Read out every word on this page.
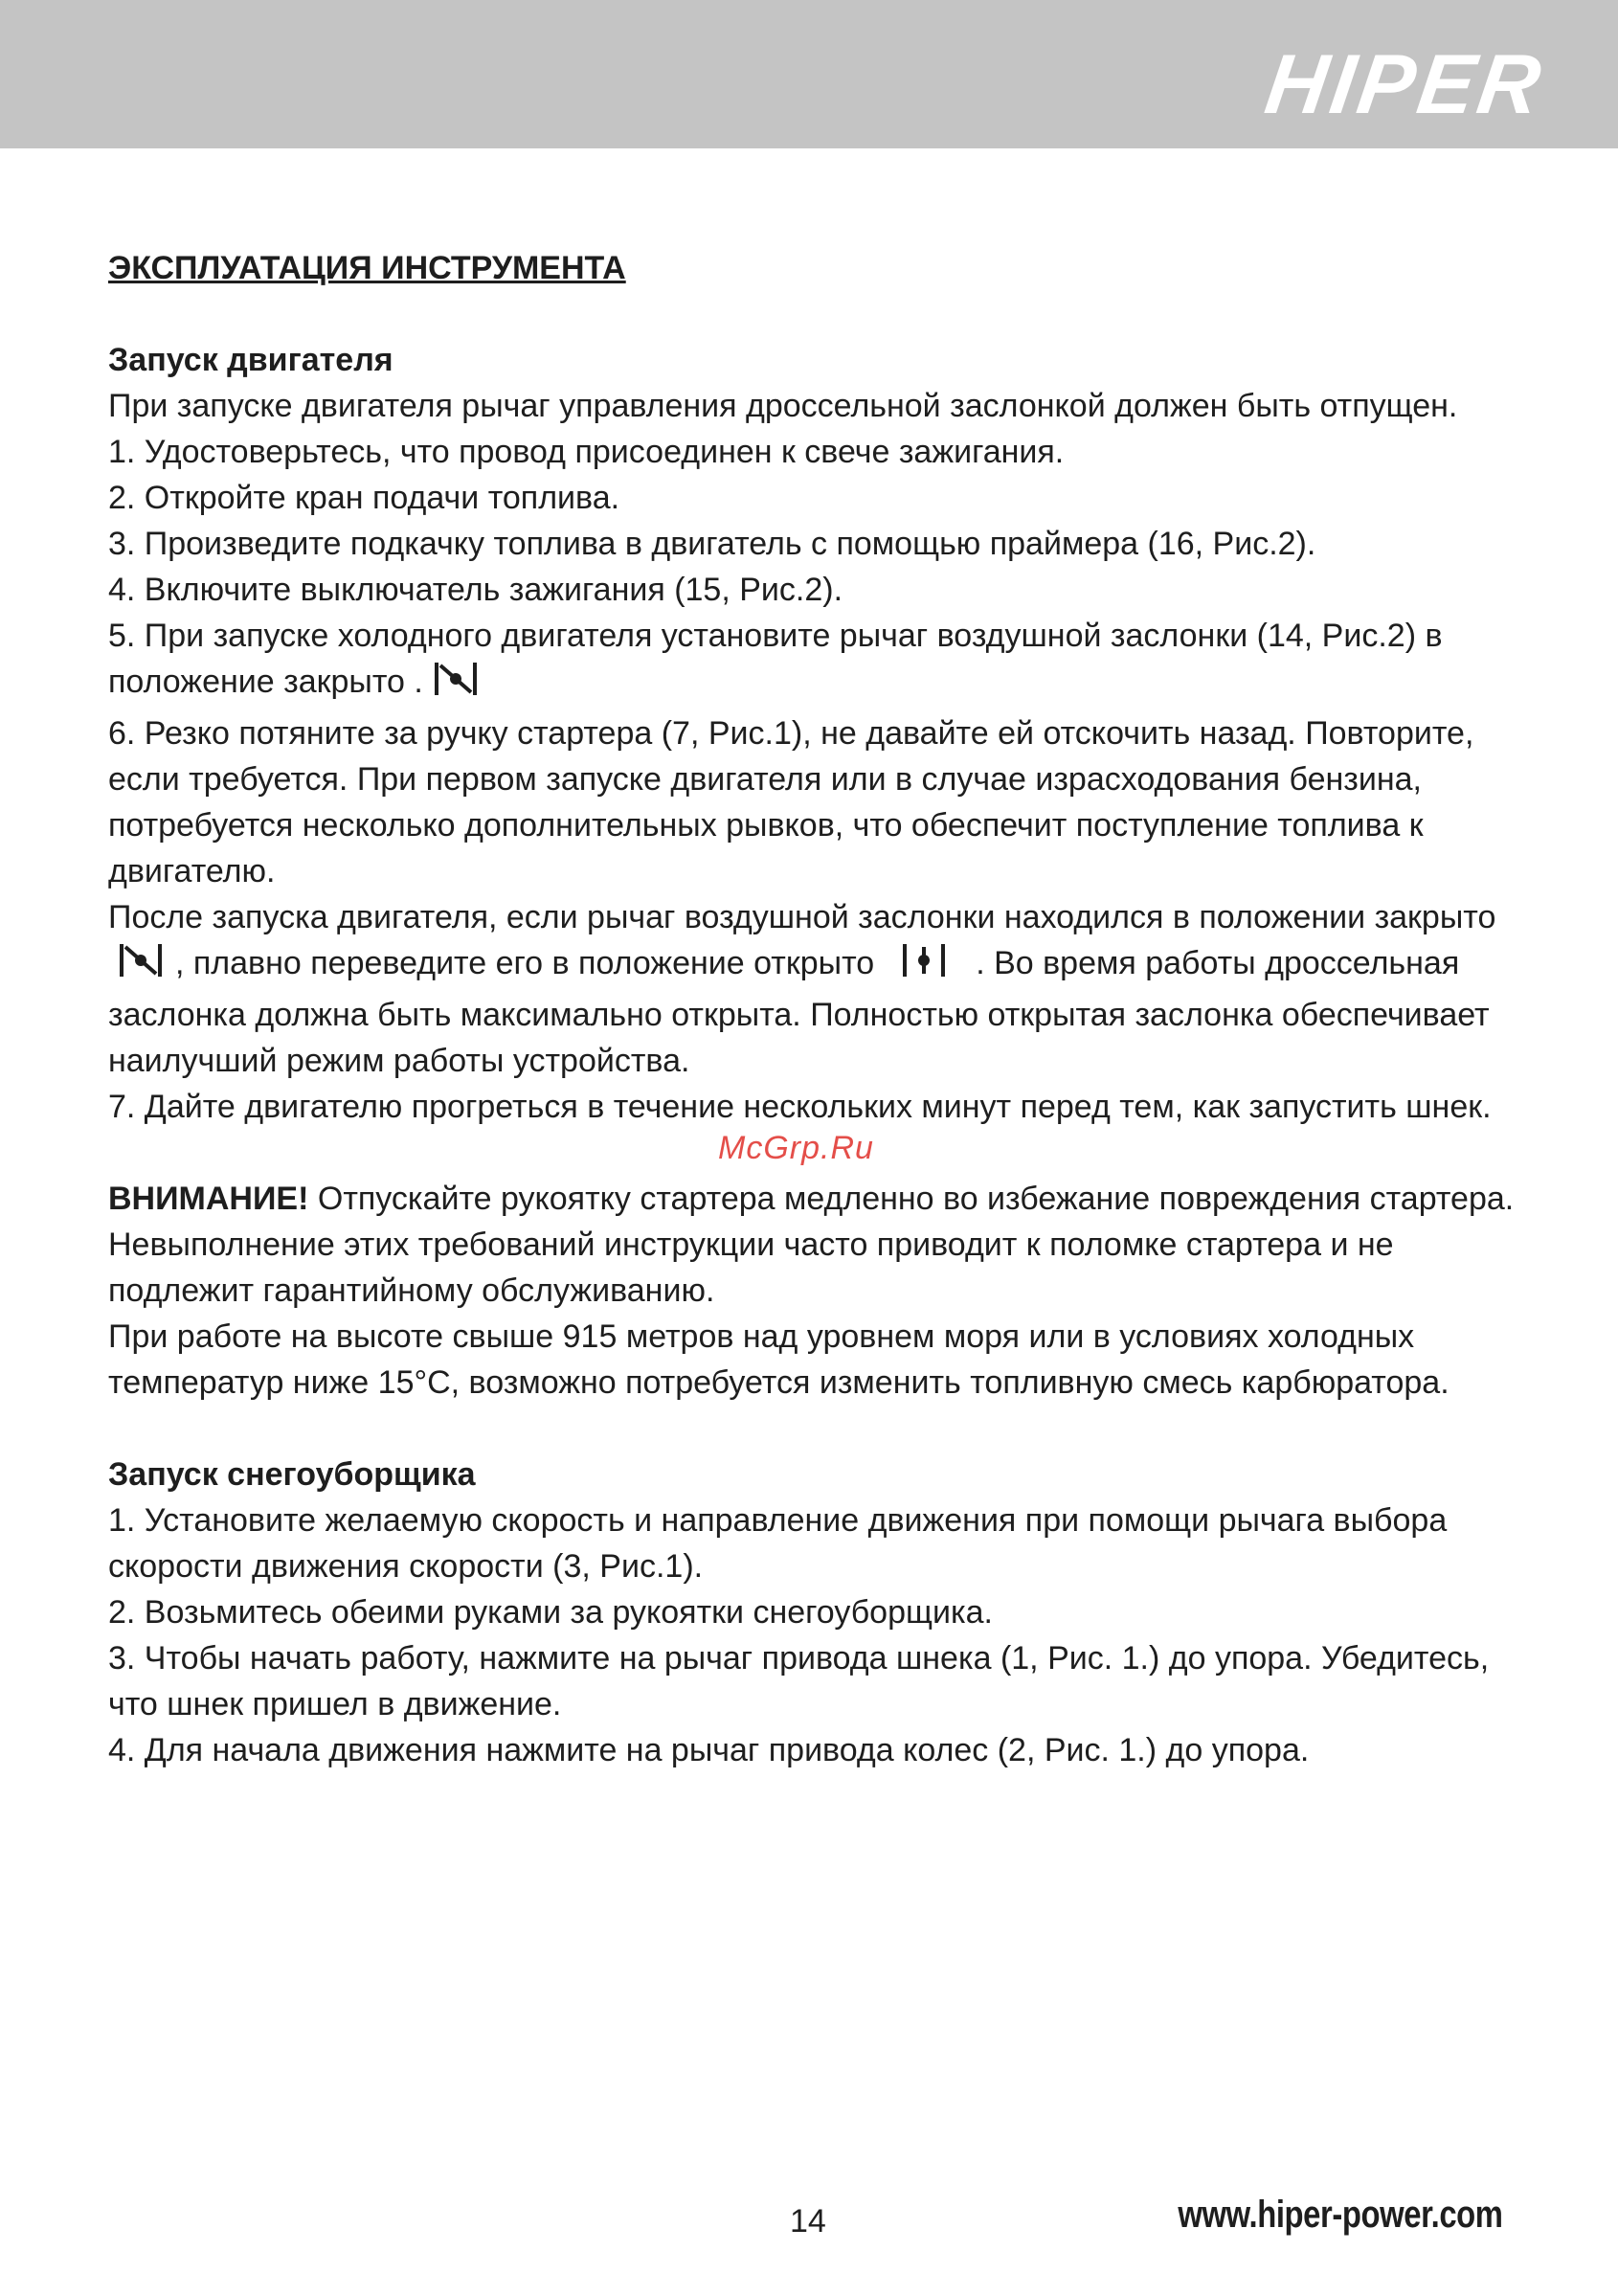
HIPER

ЭКСПЛУАТАЦИЯ ИНСТРУМЕНТА

Запуск двигателя

При запуске двигателя рычаг управления дроссельной заслонкой должен быть отпущен.

1. Удостоверьтесь, что провод присоединен к свече зажигания.

2. Откройте кран подачи топлива.

3. Произведите подкачку топлива в двигатель с помощью праймера (16, Рис.2).

4. Включите выключатель зажигания (15, Рис.2).

5. При запуске холодного двигателя установите рычаг воздушной заслонки (14, Рис.2) в положение закрыто .

6. Резко потяните за ручку стартера (7, Рис.1), не давайте ей отскочить назад. Повторите, если требуется. При первом запуске двигателя или в случае израсходования бензина, потребуется несколько дополнительных рывков, что обеспечит поступление топлива к двигателю.

После запуска двигателя, если рычаг воздушной заслонки находился в положении закрыто, плавно переведите его в положение открыто	. Во время работы дроссельная заслонка должна быть максимально открыта. Полностью открытая заслонка обеспечивает наилучший режим работы устройства.

7. Дайте двигателю прогреться в течение нескольких минут перед тем, как запустить шнек.

ВНИМАНИЕ! Отпускайте рукоятку стартера медленно во избежание повреждения стартера. Невыполнение этих требований инструкции часто приводит к поломке стартера и не подлежит гарантийному обслуживанию.

При работе на высоте свыше 915 метров над уровнем моря или в условиях холодных температур ниже 15°C, возможно потребуется изменить топливную смесь карбюратора.

Запуск снегоуборщика

1. Установите желаемую скорость и направление движения при помощи рычага выбора скорости движения скорости (3, Рис.1).

2. Возьмитесь обеими руками за рукоятки снегоуборщика.

3. Чтобы начать работу, нажмите на рычаг привода шнека (1, Рис. 1.) до упора. Убедитесь, что шнек пришел в движение.

4. Для начала движения нажмите на рычаг привода колес (2, Рис. 1.) до упора.

McGrp.Ru
14	www.hiper-power.com
